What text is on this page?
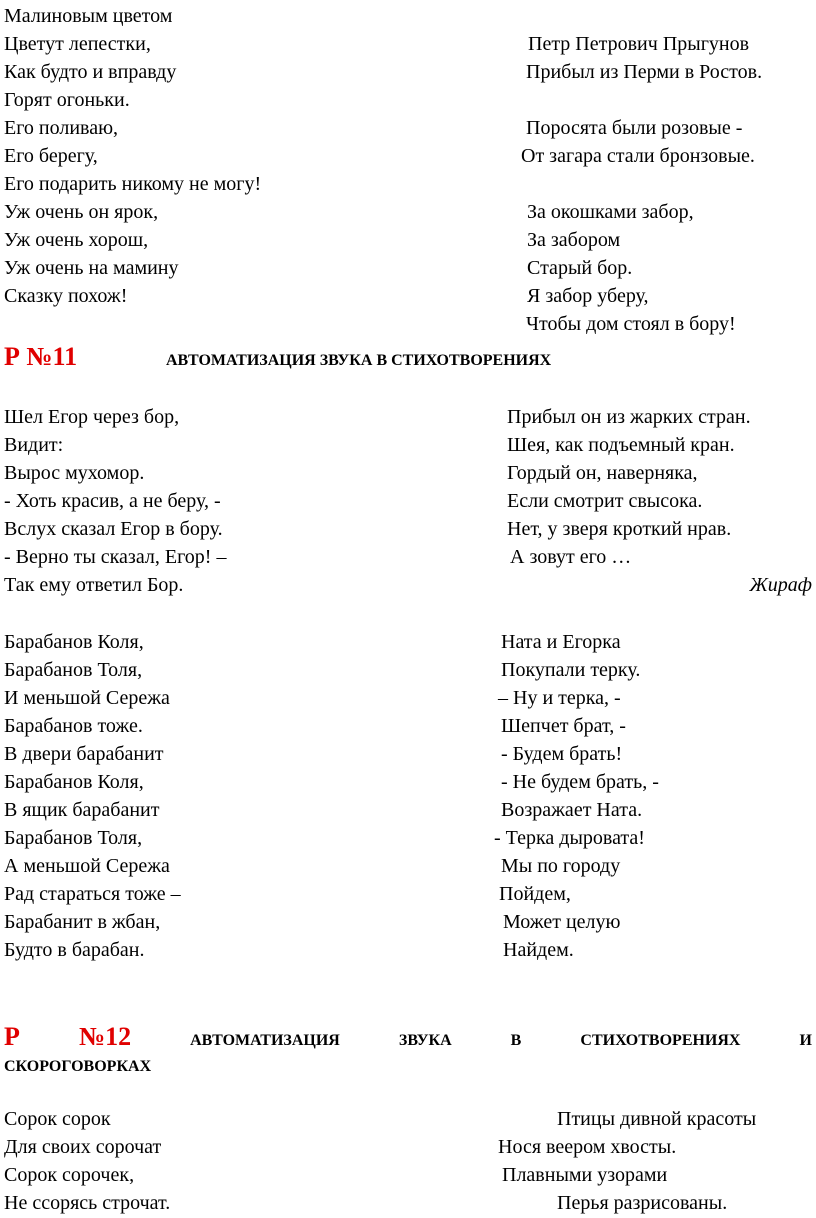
Малиновым цветом
Цветут лепестки,
Как будто и вправду
Горят огоньки.
Его поливаю,
Его берегу,
Его подарить никому не могу!
Уж очень он ярок,
Уж очень хорош,
Уж очень на мамину
Сказку похож!
Петр Петрович Прыгунов
Прибыл из Перми в Ростов.
Поросята были розовые -
От загара стали бронзовые.
За окошками забор,
За забором
Старый бор.
Я забор уберу,
Чтобы дом стоял в бору!
Р №11	АВТОМАТИЗАЦИЯ ЗВУКА В СТИХОТВОРЕНИЯХ
Шел Егор через бор,
Видит:
Вырос мухомор.
- Хоть красив, а не беру, -
Вслух сказал Егор в бору.
- Верно ты сказал, Егор! –
Так ему ответил Бор.
Прибыл он из жарких стран.
Шея, как подъемный кран.
Гордый он, наверняка,
Если смотрит свысока.
Нет, у зверя кроткий нрав.
А зовут его …
Жираф
Барабанов Коля,
Барабанов Толя,
И меньшой Сережа
Барабанов тоже.
В двери барабанит
Барабанов Коля,
В ящик барабанит
Барабанов Толя,
А меньшой Сережа
Рад стараться тоже –
Барабанит в жбан,
Будто в барабан.
Ната и Егорка
Покупали терку.
– Ну и терка, -
Шепчет брат, -
- Будем брать!
- Не будем брать, -
Возражает Ната.
- Терка дыровата!
Мы по городу
Пойдем,
Может целую
Найдем.
Р №12	АВТОМАТИЗАЦИЯ	ЗВУКА	В	СТИХОТВОРЕНИЯХ	И
СКОРОГОВОРКАХ
Сорок сорок
Для своих сорочат
Сорок сорочек,
Не ссорясь строчат.
Птицы дивной красоты
Нося веером хвосты.
Плавными узорами
Перья разрисованы.
